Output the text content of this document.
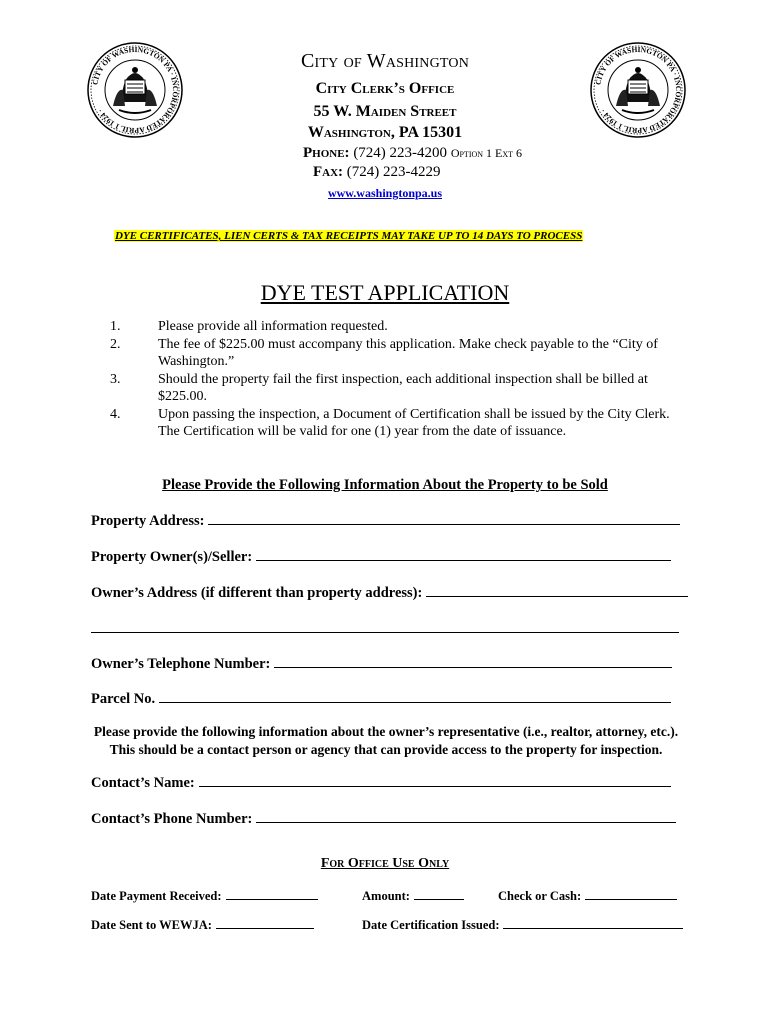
CITY OF WASHINGTON PA · INCORPORATED APRIL 1 1924 ·
CITY OF WASHINGTON PA · INCORPORATED APRIL 1 1924 ·
City of Washington
City Clerk’s Office
55 W. Maiden Street
Washington, PA 15301
Phone: (724) 223-4200 Option 1 Ext 6
Fax: (724) 223-4229
www.washingtonpa.us
DYE CERTIFICATES, LIEN CERTS & TAX RECEIPTS MAY TAKE UP TO 14 DAYS TO PROCESS
DYE TEST APPLICATION
1.	Please provide all information requested.
2.	The fee of $225.00 must accompany this application. Make check payable to the “City of Washington.”
3.	Should the property fail the first inspection, each additional inspection shall be billed at $225.00.
4.	Upon passing the inspection, a Document of Certification shall be issued by the City Clerk. The Certification will be valid for one (1) year from the date of issuance.
Please Provide the Following Information About the Property to be Sold
Property Address:
Property Owner(s)/Seller:
Owner’s Address (if different than property address):
Owner’s Telephone Number:
Parcel No.
Please provide the following information about the owner’s representative (i.e., realtor, attorney, etc.). This should be a contact person or agency that can provide access to the property for inspection.
Contact’s Name:
Contact’s Phone Number:
For Office Use Only
Date Payment Received:	Amount:	Check or Cash:
Date Sent to WEWJA:	Date Certification Issued:
